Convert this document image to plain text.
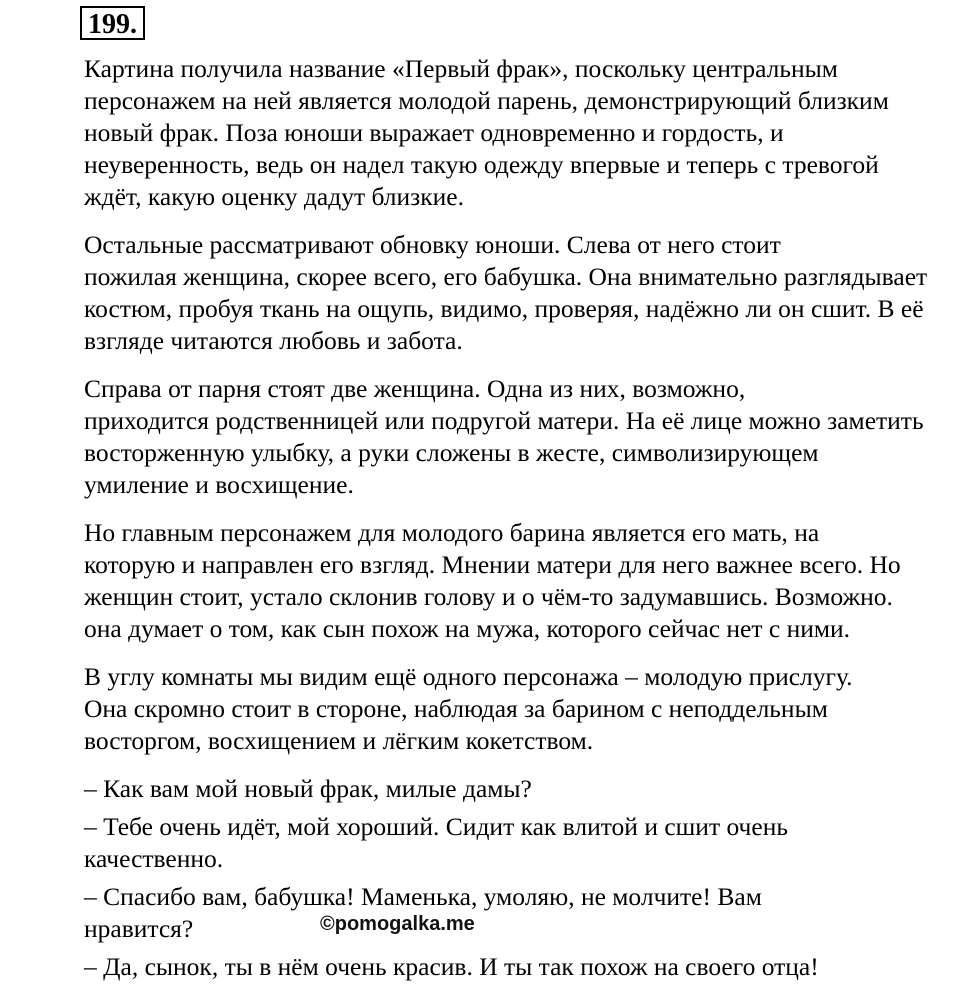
199.

Картина получила название «Первый фрак», поскольку центральным
персонажем на ней является молодой парень, демонстрирующий близким
новый фрак. Поза юноши выражает одновременно и гордость, и
неуверенность, ведь он надел такую одежду впервые и теперь с тревогой
ждёт, какую оценку дадут близкие.

Остальные рассматривают обновку юноши. Слева от него стоит
пожилая женщина, скорее всего, его бабушка. Она внимательно разглядывает
костюм, пробуя ткань на ощупь, видимо, проверяя, надёжно ли он сшит. В её
взгляде читаются любовь и забота.

Справа от парня стоят две женщина. Одна из них, возможно,
приходится родственницей или подругой матери. На её лице можно заметить
восторженную улыбку, а руки сложены в жесте, символизирующем
умиление и восхищение.

Но главным персонажем для молодого барина является его мать, на
которую и направлен его взгляд. Мнении матери для него важнее всего. Но
женщин стоит, устало склонив голову и о чём-то задумавшись. Возможно.
она думает о том, как сын похож на мужа, которого сейчас нет с ними.

В углу комнаты мы видим ещё одного персонажа – молодую прислугу.
Она скромно стоит в стороне, наблюдая за барином с неподдельным
восторгом, восхищением и лёгким кокетством.

– Как вам мой новый фрак, милые дамы?

– Тебе очень идёт, мой хороший. Сидит как влитой и сшит очень
качественно.

– Спасибо вам, бабушка! Маменька, умоляю, не молчите! Вам
нравится?

– Да, сынок, ты в нём очень красив. И ты так похож на своего отца!

©pomogalka.me
